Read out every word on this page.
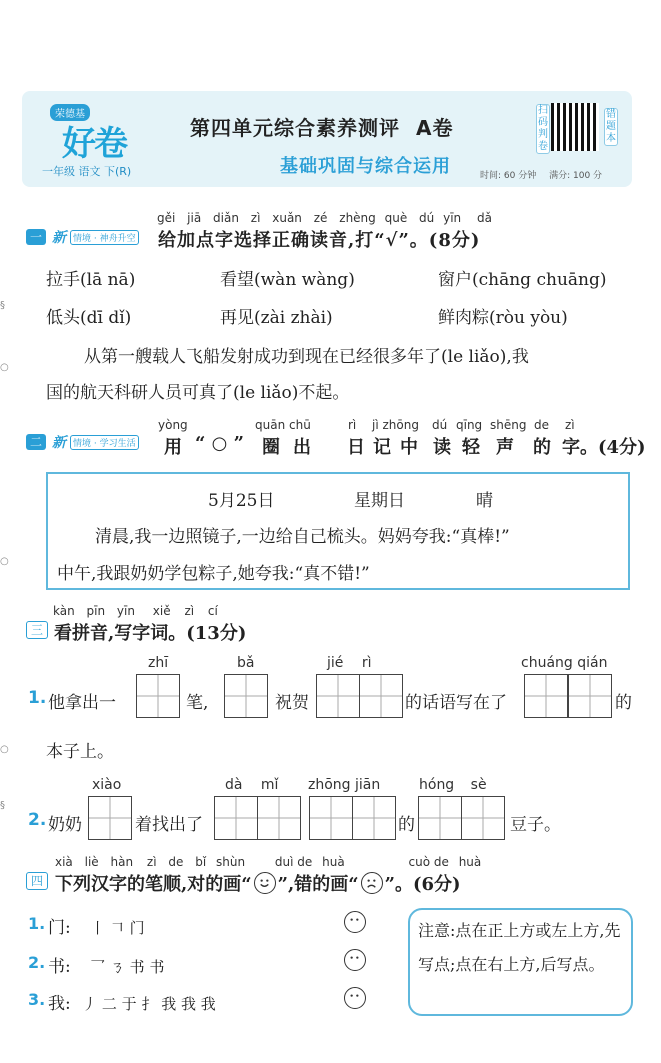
§
○
○
○
§
荣德基
好卷
一年级 语文 下(R)
第四单元综合素养测评 A卷
基础巩固与综合运用
扫码判卷
错题本
时间: 60 分钟 满分: 100 分
一 新 情境 · 神舟升空
gěi jiā diǎn zì xuǎn zé zhèng què dú yīn dǎ
给加点字选择正确读音,打“√”。(8分)
拉手(lā nā)	看望(wàn wàng)	窗户(chāng chuāng)
低头(dī dǐ)	再见(zài zhài)	鲜肉粽(ròu yòu)
从第一艘载人飞船发射成功到现在已经很多年了(le liǎo),我
国的航天科研人员可真了(le liǎo)不起。
二 新 情境 · 学习生活
yòng	quān chū	rì jì zhōng dú qīng shēng de zì
用 “ ○ ” 圈 出 日 记 中 读 轻 声 的 字。(4分)
5月25日	星期日	晴
清晨,我一边照镜子,一边给自己梳头。妈妈夸我:“真棒!”
中午,我跟奶奶学包粽子,她夸我:“真不错!”
三
kàn pīn yīn xiě zì cí
看拼音,写字词。(13分)
1. 他拿出一
zhī
笔,
bǎ
祝贺
jié rì
的话语写在了
chuáng qián
的
本子上。
2. 奶奶
xiào
着找出了
dà mǐ zhōng jiān
的
hóng sè
豆子。
四
xià liè hàn zì de bǐ shùn duì de huà	cuò de huà
下列汉字的笔顺,对的画“ ”,错的画“ ”。(6分)
1. 门: 丨 𠃍 门
2. 书: 乛 ㄋ 书 书
3. 我: 丿 二 于 扌 我 我 我
注意:点在正上方或左上方,先写点;点在右上方,后写点。
